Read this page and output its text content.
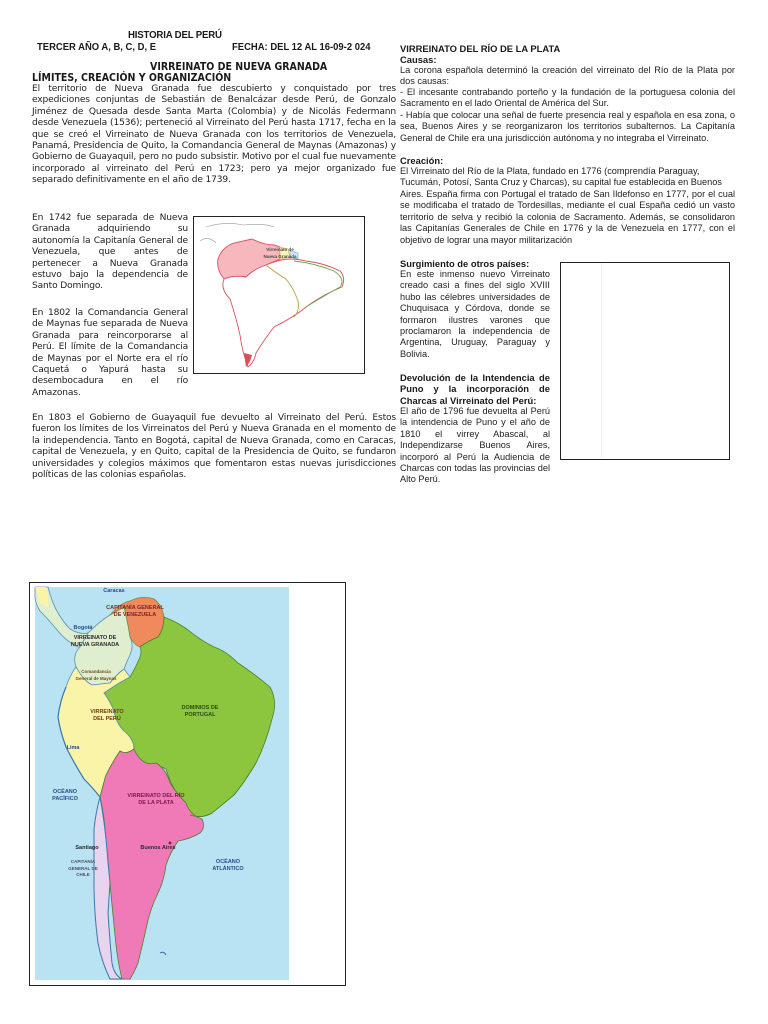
HISTORIA DEL PERÚ
TERCER AÑO A, B, C, D, E	FECHA: DEL 12 AL 16-09-2 024
VIRREINATO DE NUEVA GRANADA
LÍMITES, CREACIÓN Y ORGANIZACIÓN

El territorio de Nueva Granada fue descubierto y conquistado por tres expediciones conjuntas de Sebastián de Benalcázar desde Perú, de Gonzalo Jiménez de Quesada desde Santa Marta (Colombia) y de Nicolás Federmann desde Venezuela (1536); perteneció al Virreinato del Perú hasta 1717, fecha en la que se creó el Virreinato de Nueva Granada con los territorios de Venezuela, Panamá, Presidencia de Quito, la Comandancia General de Maynas (Amazonas) y Gobierno de Guayaquil, pero no pudo subsistir. Motivo por el cual fue nuevamente incorporado al virreinato del Perú en 1723; pero ya mejor organizado fue separado definitivamente en el año de 1739.

En 1742 fue separada de Nueva Granada adquiriendo su autonomía la Capitanía General de Venezuela, que antes de pertenecer a Nueva Granada estuvo bajo la dependencia de Santo Domingo.

En 1802 la Comandancia General de Maynas fue separada de Nueva Granada para reincorporarse al Perú. El límite de la Comandancia de Maynas por el Norte era el río Caquetá o Yapurá hasta su desembocadura en el río Amazonas.

En 1803 el Gobierno de Guayaquil fue devuelto al Virreinato del Perú. Estos fueron los límites de los Virreinatos del Perú y Nueva Granada en el momento de la independencia. Tanto en Bogotá, capital de Nueva Granada, como en Caracas, capital de Venezuela, y en Quito, capital de la Presidencia de Quito, se fundaron universidades y colegios máximos que fomentaron estas nuevas jurisdicciones políticas de las colonias españolas.

Virreinato de Nueva Granada
VIRREINATO DEL RÍO DE LA PLATA
Causas:

La corona española determinó la creación del virreinato del Río de la Plata por dos causas:

- El incesante contrabando porteño y la fundación de la portuguesa colonia del Sacramento en el lado Oriental de América del Sur.

- Había que colocar una señal de fuerte presencia real y española en esa zona, o sea, Buenos Aires y se reorganizaron los territorios subalternos. La Capitanía General de Chile era una jurisdicción autónoma y no integraba el Virreinato.

Creación:

El Virreinato del Río de la Plata, fundado en 1776 (comprendía Paraguay, Tucumán, Potosí, Santa Cruz y Charcas), su capital fue establecida en Buenos

Aires. España firma con Portugal el tratado de San Ildefonso en 1777, por el cual se modificaba el tratado de Tordesillas, mediante el cual España cedió un vasto territorio de selva y recibió la colonia de Sacramento. Además, se consolidaron las Capitanías Generales de Chile en 1776 y la de Venezuela en 1777, con el objetivo de lograr una mayor militarización

Surgimiento de otros países:

En este inmenso nuevo Virreinato creado casi a fines del siglo XVIII hubo las célebres universidades de Chuquisaca y Córdova, donde se formaron ilustres varones que proclamaron la independencia de Argentina, Uruguay, Paraguay y Bolivia.

Devolución de la Intendencia de Puno y la incorporación de Charcas al Virreinato del Perú:

El año de 1796 fue devuelta al Perú la intendencia de Puno y el año de 1810 el virrey Abascal, al Independizarse Buenos Aires, incorporó al Perú la Audiencia de Charcas con todas las provincias del Alto Perú.

CAPITANÍA GENERAL DE VENEZUELA
Caracas
Bogotá
VIRREINATO DE NUEVA GRANADA
Comandancia General de Maynas
VIRREINATO DEL PERÚ
Lima
DOMINIOS DE PORTUGAL
VIRREINATO DEL RÍO DE LA PLATA
OCÉANO PACÍFICO
OCÉANO ATLÁNTICO
Santiago
CAPITANÍA GENERAL DE CHILE
Buenos Aires
